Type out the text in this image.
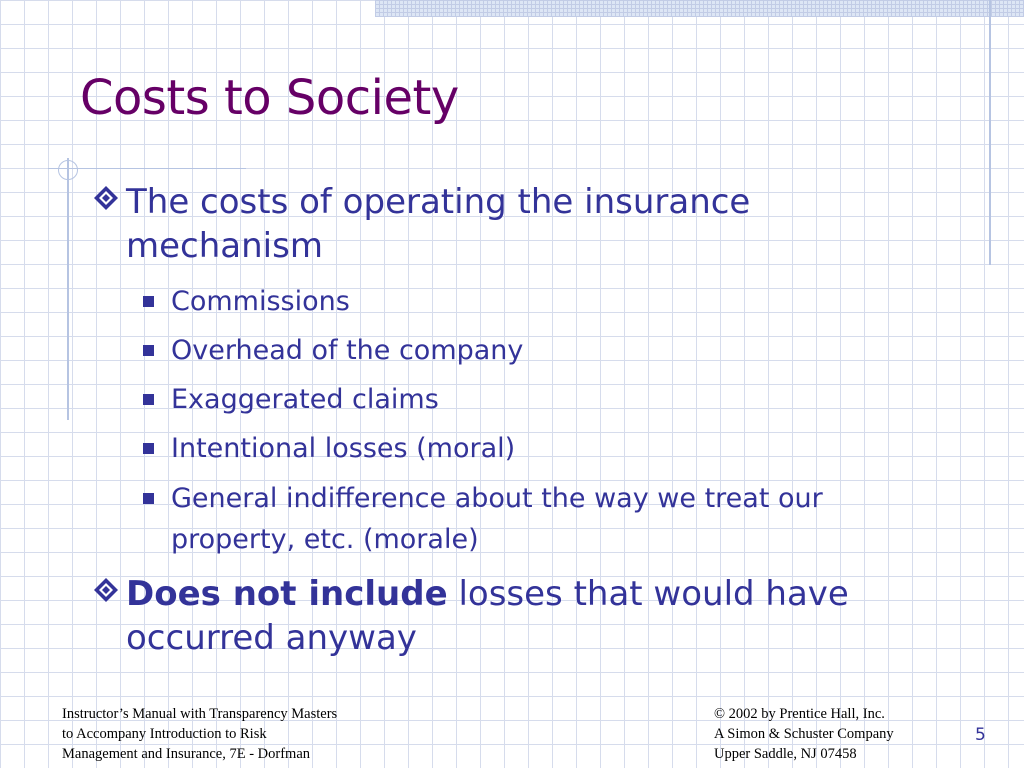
Costs to Society
The costs of operating the insurance mechanism
Commissions
Overhead of the company
Exaggerated claims
Intentional losses (moral)
General indifference about the way we treat our property, etc. (morale)
Does not include losses that would have occurred anyway
Instructor’s Manual with Transparency Masters
to Accompany Introduction to Risk
Management and Insurance, 7E - Dorfman
© 2002 by Prentice Hall, Inc.
A Simon & Schuster Company
Upper Saddle, NJ 07458
5
